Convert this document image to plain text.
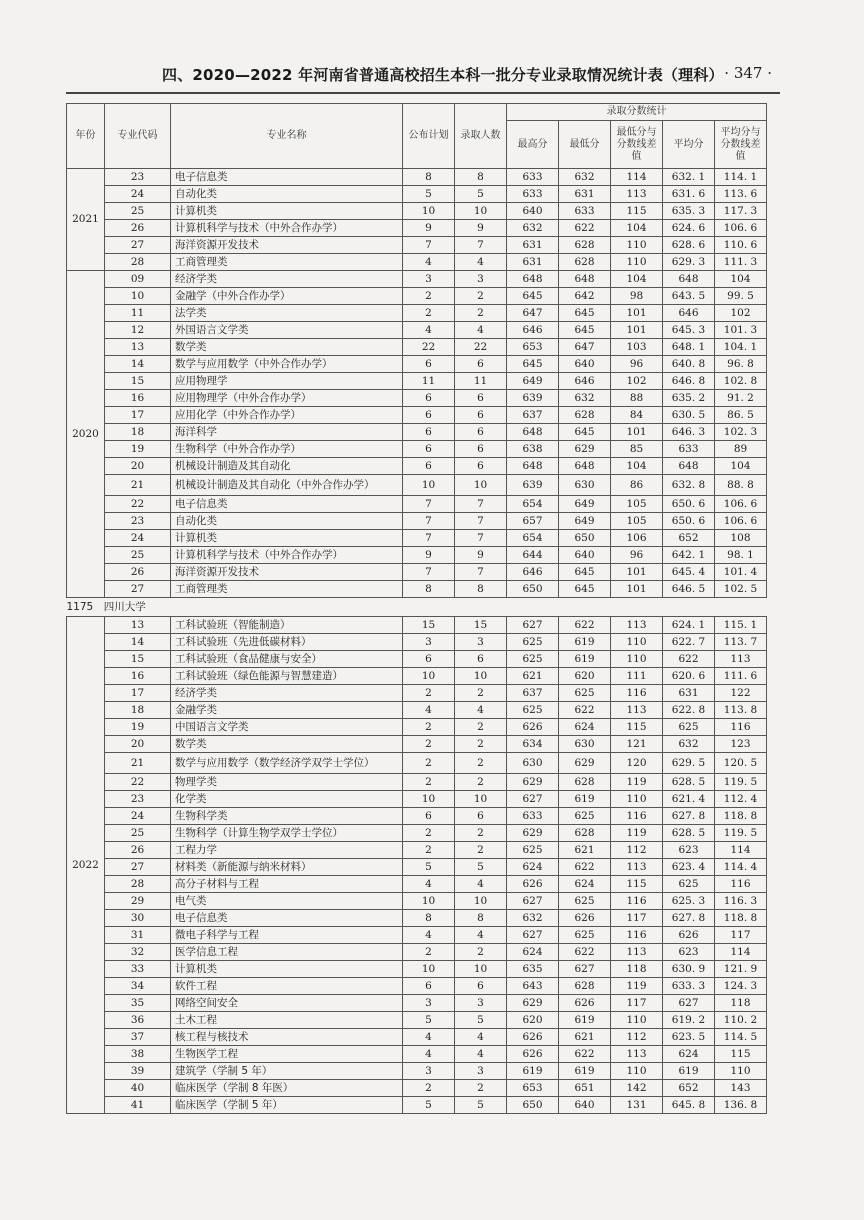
四、2020—2022 年河南省普通高校招生本科一批分专业录取情况统计表（理科） · 347 ·
年份	专业代码	专业名称	公布计划	录取人数	录取分数统计				
					最高分	最低分	最低分与分数线差值	平均分	平均分与分数线差值
2021	23	电子信息类	8	8	633	632	114	632. 1	114. 1
	24	自动化类	5	5	633	631	113	631. 6	113. 6
	25	计算机类	10	10	640	633	115	635. 3	117. 3
	26	计算机科学与技术（中外合作办学）	9	9	632	622	104	624. 6	106. 6
	27	海洋资源开发技术	7	7	631	628	110	628. 6	110. 6
	28	工商管理类	4	4	631	628	110	629. 3	111. 3
2020	09	经济学类	3	3	648	648	104	648	104
	10	金融学（中外合作办学）	2	2	645	642	98	643. 5	99. 5
	11	法学类	2	2	647	645	101	646	102
	12	外国语言文学类	4	4	646	645	101	645. 3	101. 3
	13	数学类	22	22	653	647	103	648. 1	104. 1
	14	数学与应用数学（中外合作办学）	6	6	645	640	96	640. 8	96. 8
	15	应用物理学	11	11	649	646	102	646. 8	102. 8
	16	应用物理学（中外合作办学）	6	6	639	632	88	635. 2	91. 2
	17	应用化学（中外合作办学）	6	6	637	628	84	630. 5	86. 5
	18	海洋科学	6	6	648	645	101	646. 3	102. 3
	19	生物科学（中外合作办学）	6	6	638	629	85	633	89
	20	机械设计制造及其自动化	6	6	648	648	104	648	104
	21	机械设计制造及其自动化（中外合作办学）	10	10	639	630	86	632. 8	88. 8
	22	电子信息类	7	7	654	649	105	650. 6	106. 6
	23	自动化类	7	7	657	649	105	650. 6	106. 6
	24	计算机类	7	7	654	650	106	652	108
	25	计算机科学与技术（中外合作办学）	9	9	644	640	96	642. 1	98. 1
	26	海洋资源开发技术	7	7	646	645	101	645. 4	101. 4
	27	工商管理类	8	8	650	645	101	646. 5	102. 5
1175　四川大学									
2022	13	工科试验班（智能制造）	15	15	627	622	113	624. 1	115. 1
	14	工科试验班（先进低碳材料）	3	3	625	619	110	622. 7	113. 7
	15	工科试验班（食品健康与安全）	6	6	625	619	110	622	113
	16	工科试验班（绿色能源与智慧建造）	10	10	621	620	111	620. 6	111. 6
	17	经济学类	2	2	637	625	116	631	122
	18	金融学类	4	4	625	622	113	622. 8	113. 8
	19	中国语言文学类	2	2	626	624	115	625	116
	20	数学类	2	2	634	630	121	632	123
	21	数学与应用数学（数学经济学双学士学位）	2	2	630	629	120	629. 5	120. 5
	22	物理学类	2	2	629	628	119	628. 5	119. 5
	23	化学类	10	10	627	619	110	621. 4	112. 4
	24	生物科学类	6	6	633	625	116	627. 8	118. 8
	25	生物科学（计算生物学双学士学位）	2	2	629	628	119	628. 5	119. 5
	26	工程力学	2	2	625	621	112	623	114
	27	材料类（新能源与纳米材料）	5	5	624	622	113	623. 4	114. 4
	28	高分子材料与工程	4	4	626	624	115	625	116
	29	电气类	10	10	627	625	116	625. 3	116. 3
	30	电子信息类	8	8	632	626	117	627. 8	118. 8
	31	微电子科学与工程	4	4	627	625	116	626	117
	32	医学信息工程	2	2	624	622	113	623	114
	33	计算机类	10	10	635	627	118	630. 9	121. 9
	34	软件工程	6	6	643	628	119	633. 3	124. 3
	35	网络空间安全	3	3	629	626	117	627	118
	36	土木工程	5	5	620	619	110	619. 2	110. 2
	37	核工程与核技术	4	4	626	621	112	623. 5	114. 5
	38	生物医学工程	4	4	626	622	113	624	115
	39	建筑学（学制 5 年）	3	3	619	619	110	619	110
	40	临床医学（学制 8 年医）	2	2	653	651	142	652	143
	41	临床医学（学制 5 年）	5	5	650	640	131	645. 8	136. 8
